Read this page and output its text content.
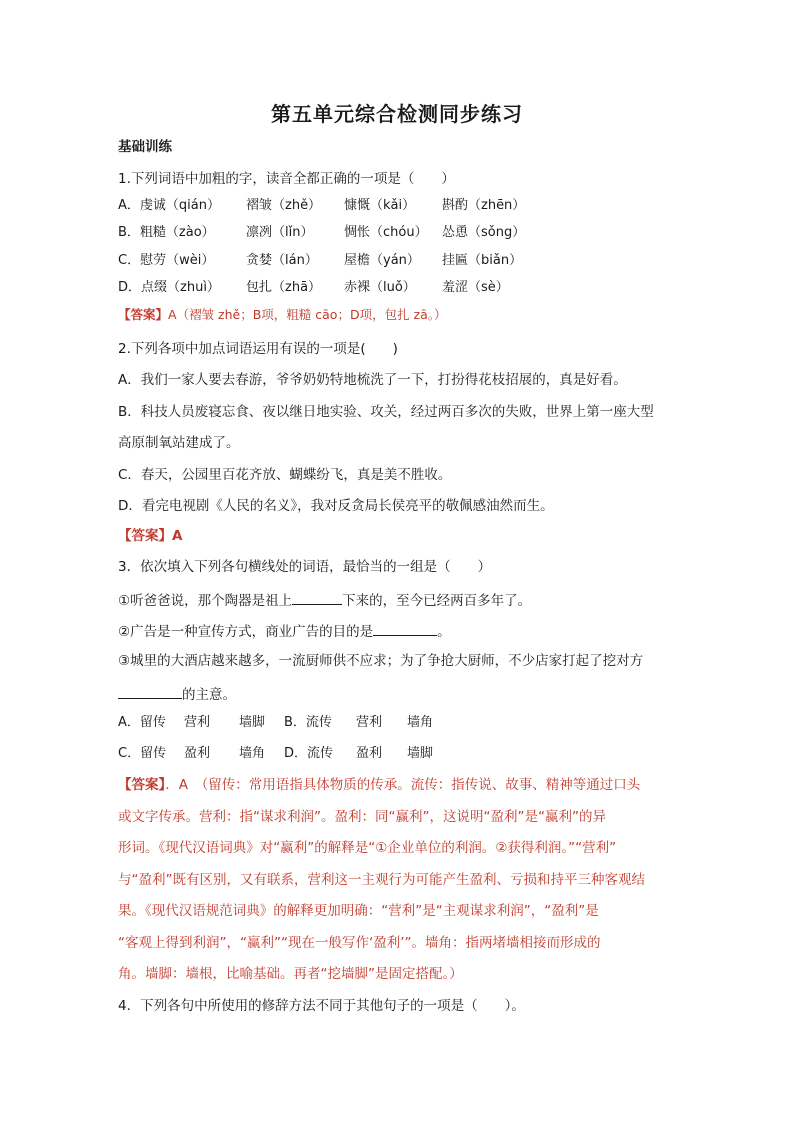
第五单元综合检测同步练习
基础训练
1.下列词语中加粗的字，读音全都正确的一项是（　　）
A．虔诚（qián） 褶皱（zhě） 慷慨（kǎi） 斟酌（zhēn）
B．粗糙（zào） 凛冽（lǐn） 惆怅（chóu） 怂恿（sǒng）
C．慰劳（wèi） 贪婪（lán） 屋檐（yán） 挂匾（biǎn）
D．点缀（zhuì） 包扎（zhā） 赤裸（luǒ） 羞涩（sè）
【答案】A（褶皱 zhě；B项，粗糙 cāo；D项，包扎 zā。）
2.下列各项中加点词语运用有误的一项是(　　)
A．我们一家人要去春游，爷爷奶奶特地梳洗了一下，打扮得花枝招展的，真是好看。
B．科技人员废寝忘食、夜以继日地实验、攻关，经过两百多次的失败，世界上第一座大型
高原制氧站建成了。
C．春天，公园里百花齐放、蝴蝶纷飞，真是美不胜收。
D．看完电视剧《人民的名义》，我对反贪局长侯亮平的敬佩感油然而生。
【答案】A
3．依次填入下列各句横线处的词语，最恰当的一组是（　　）
①听爸爸说，那个陶器是祖上	下来的，至今已经两百多年了。
②广告是一种宣传方式，商业广告的目的是	。
③城里的大酒店越来越多，一流厨师供不应求；为了争抢大厨师，不少店家打起了挖对方
的主意。
A．留传 营利 墙脚 B．流传 营利 墙角
C．留传 盈利 墙角 D．流传 盈利 墙脚
【答案】．A　（留传：常用语指具体物质的传承。流传：指传说、故事、精神等通过口头
或文字传承。营利：指“谋求利润”。盈利：同“赢利”，这说明“盈利”是“赢利”的异
形词。《现代汉语词典》对“赢利”的解释是“①企业单位的利润。②获得利润。”“营利”
与“盈利”既有区别，又有联系，营利这一主观行为可能产生盈利、亏损和持平三种客观结
果。《现代汉语规范词典》的解释更加明确：“营利”是“主观谋求利润”，“盈利”是
“客观上得到利润”，“赢利”“现在一般写作‘盈利’”。墙角：指两堵墙相接而形成的
角。墙脚：墙根，比喻基础。再者“挖墙脚”是固定搭配。）
4．下列各句中所使用的修辞方法不同于其他句子的一项是（　　）。
